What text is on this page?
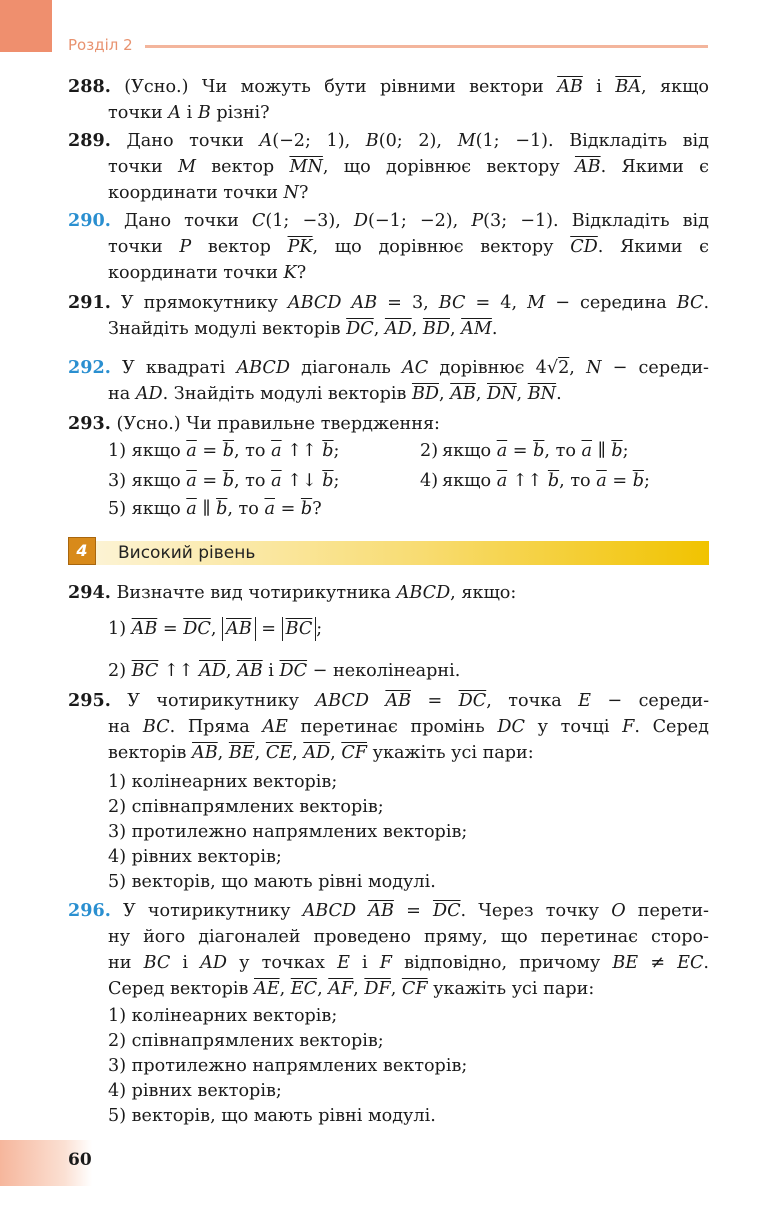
Розділ 2
288. (Усно.) Чи можуть бути рівними вектори $\overline{AB}$ і $\overline{BA}$, якщо
точки A і B різні?
289. Дано точки A(−2; 1), B(0; 2), M(1; −1). Відкладіть від
точки M вектор $\overline{MN}$, що дорівнює вектору $\overline{AB}$. Якими є
координати точки N?
290. Дано точки C(1; −3), D(−1; −2), P(3; −1). Відкладіть від
точки P вектор $\overline{PK}$, що дорівнює вектору $\overline{CD}$. Якими є
координати точки K?
291. У прямокутнику ABCD AB = 3, BC = 4, M − середина BC.
Знайдіть модулі векторів $\overline{DC}$, $\overline{AD}$, $\overline{BD}$, $\overline{AM}$.
292. У квадраті ABCD діагональ AC дорівнює 4√2, N − середи-
на AD. Знайдіть модулі векторів $\overline{BD}$, $\overline{AB}$, $\overline{DN}$, $\overline{BN}$.
293. (Усно.) Чи правильне твердження:
1) якщо $\overline{a} = \overline{b}$, то $\overline{a}$ ↑↑ $\overline{b}$;	2) якщо $\overline{a} = \overline{b}$, то $\overline{a}$ ∥ $\overline{b}$;
3) якщо $\overline{a} = \overline{b}$, то $\overline{a}$ ↑↓ $\overline{b}$;	4) якщо $\overline{a}$ ↑↑ $\overline{b}$, то $\overline{a} = \overline{b}$;
5) якщо $\overline{a}$ ∥ $\overline{b}$, то $\overline{a} = \overline{b}$?
4	Високий рівень
294. Визначте вид чотирикутника ABCD, якщо:
1) $\overline{AB} = \overline{DC}$, $\overline{AB} = \overline{BC}$ ;
2) $\overline{BC}$ ↑↑ $\overline{AD}$, $\overline{AB}$ і $\overline{DC}$ − неколінеарні.
295. У чотирикутнику ABCD $\overline{AB} = \overline{DC}$, точка E − середи-
на BC. Пряма AE перетинає промінь DC у точці F. Серед
векторів $\overline{AB}$, $\overline{BE}$, $\overline{CE}$, $\overline{AD}$, $\overline{CF}$ укажіть усі пари:
1) колінеарних векторів;
2) співнапрямлених векторів;
3) протилежно напрямлених векторів;
4) рівних векторів;
5) векторів, що мають рівні модулі.
296. У чотирикутнику ABCD $\overline{AB} = \overline{DC}$. Через точку O перети-
ну його діагоналей проведено пряму, що перетинає сторо-
ни BC і AD у точках E і F відповідно, причому BE ≠ EC.
Серед векторів $\overline{AE}$, $\overline{EC}$, $\overline{AF}$, $\overline{DF}$, $\overline{CF}$ укажіть усі пари:
1) колінеарних векторів;
2) співнапрямлених векторів;
3) протилежно напрямлених векторів;
4) рівних векторів;
5) векторів, що мають рівні модулі.
60
